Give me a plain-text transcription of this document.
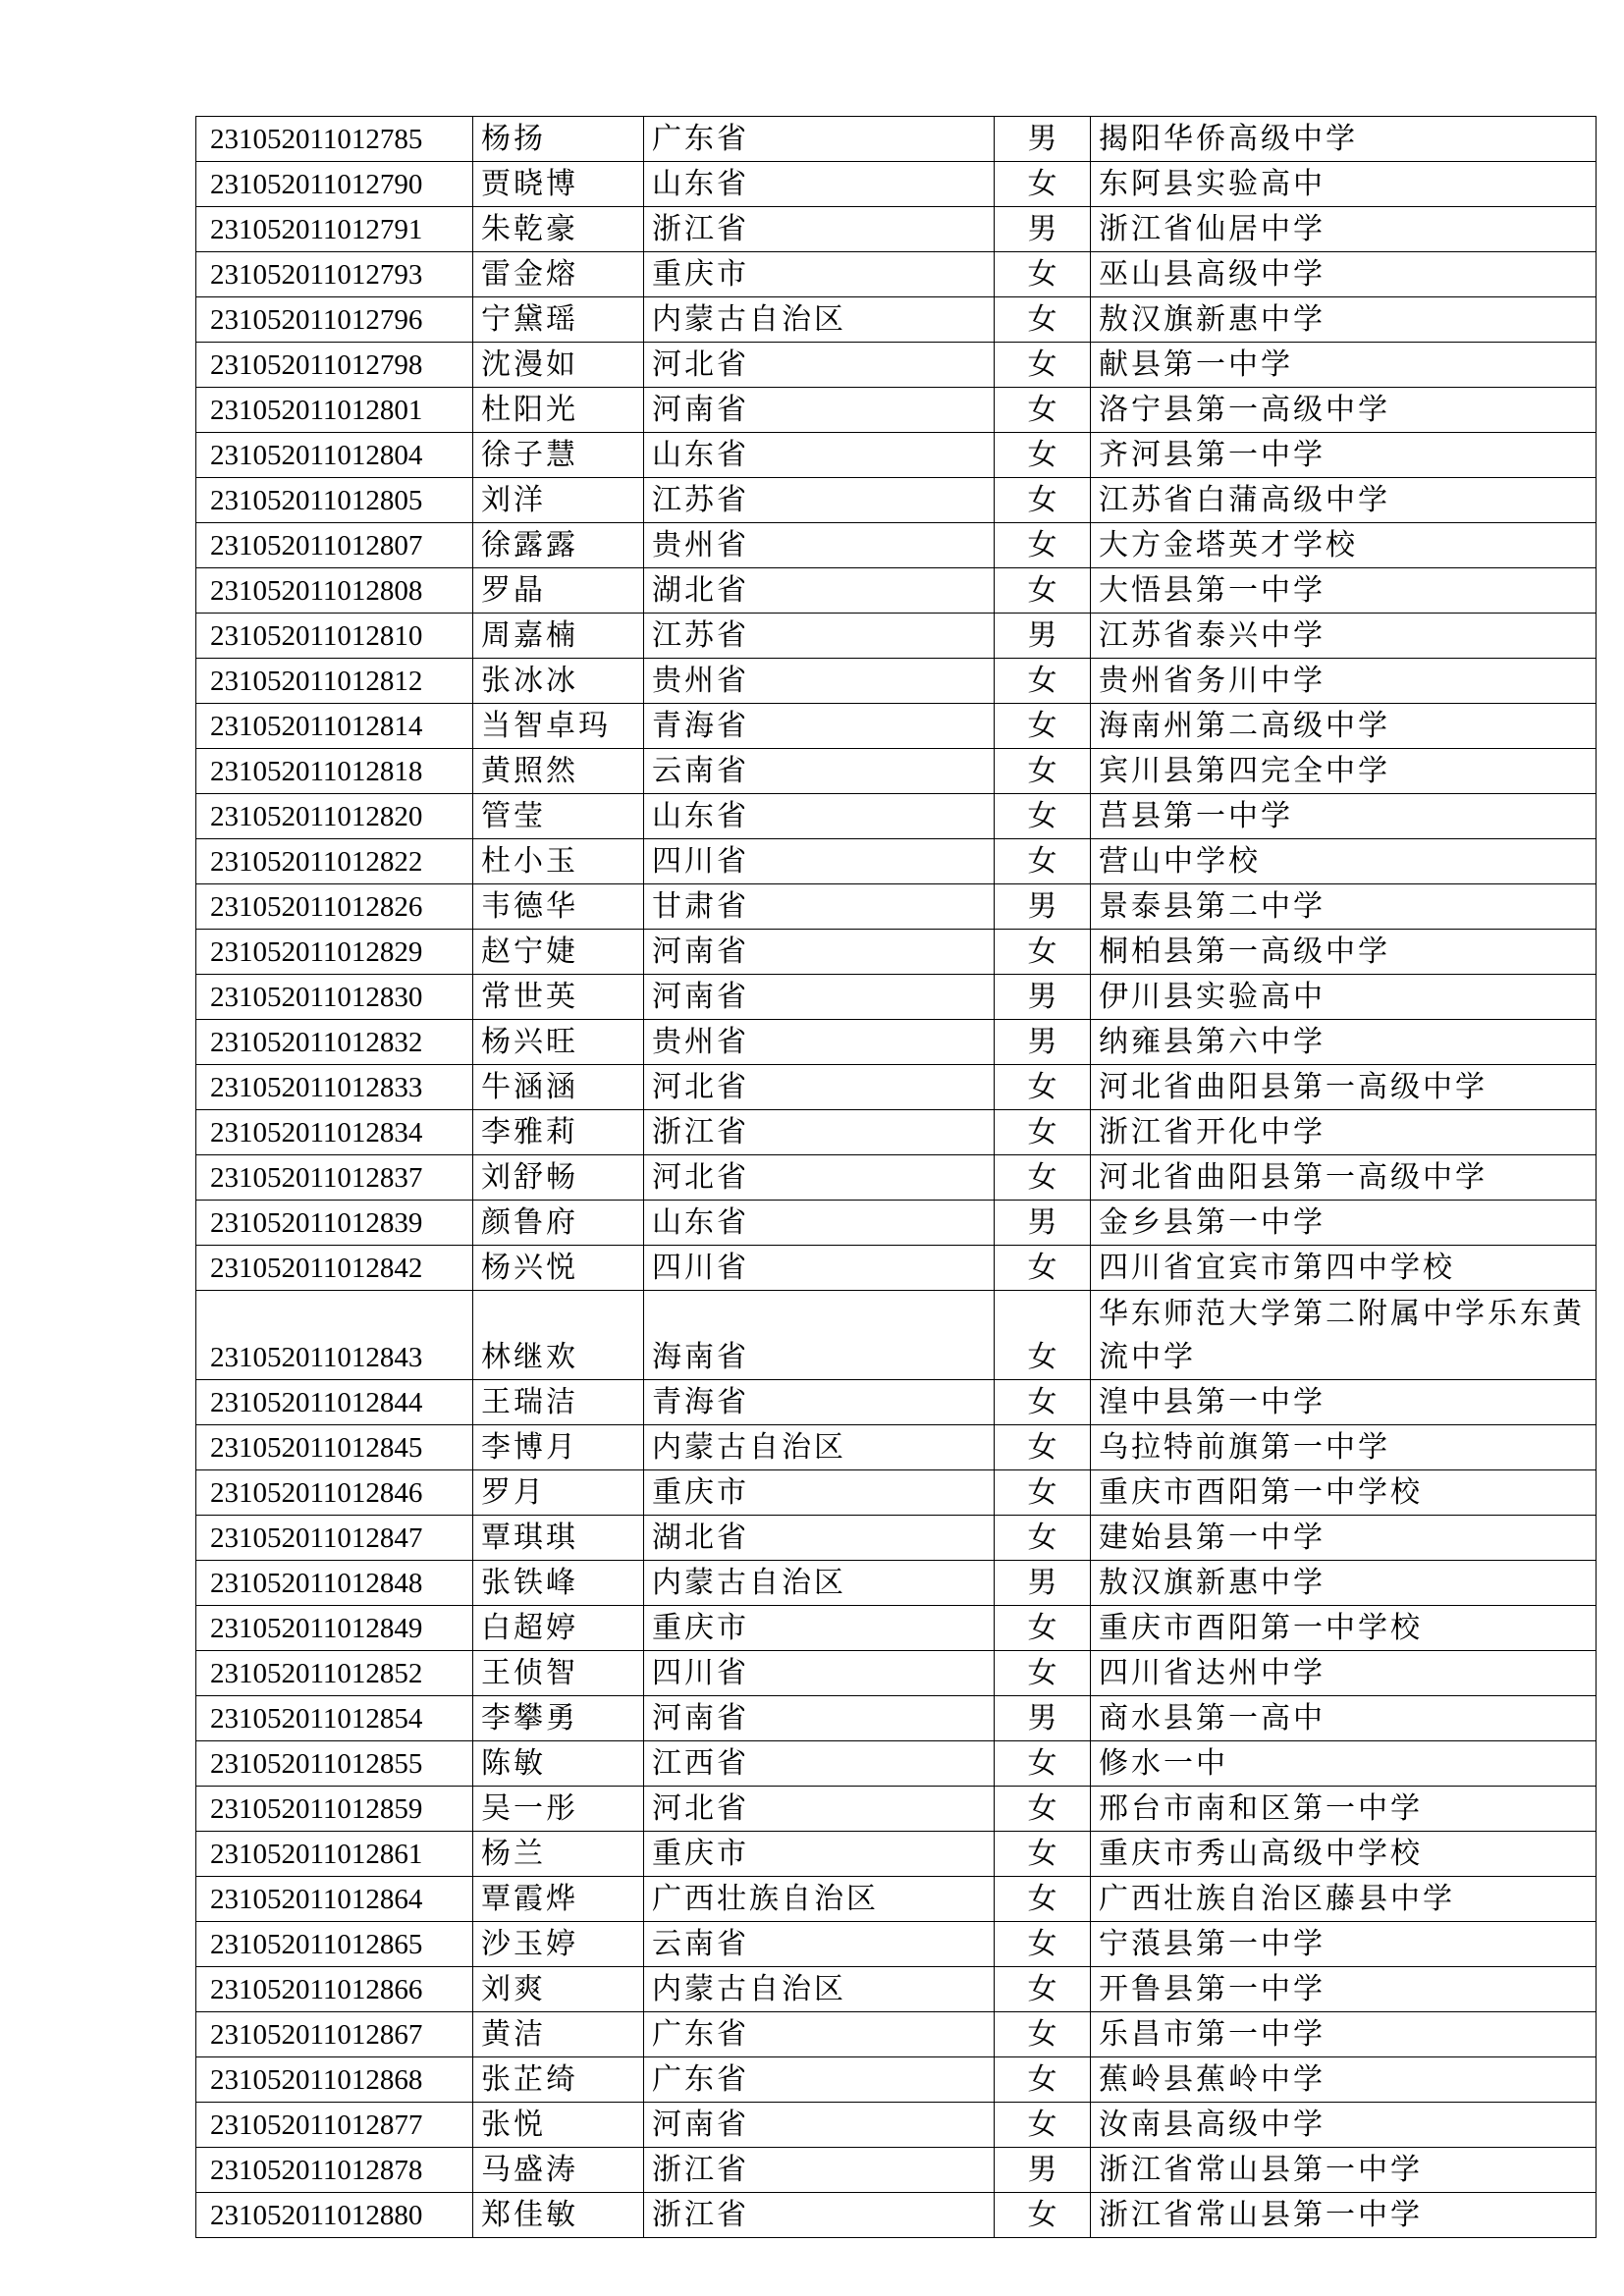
231052011012785	杨扬	广东省	男	揭阳华侨高级中学
231052011012790	贾晓博	山东省	女	东阿县实验高中
231052011012791	朱乾豪	浙江省	男	浙江省仙居中学
231052011012793	雷金熔	重庆市	女	巫山县高级中学
231052011012796	宁黛瑶	内蒙古自治区	女	敖汉旗新惠中学
231052011012798	沈漫如	河北省	女	献县第一中学
231052011012801	杜阳光	河南省	女	洛宁县第一高级中学
231052011012804	徐子慧	山东省	女	齐河县第一中学
231052011012805	刘洋	江苏省	女	江苏省白蒲高级中学
231052011012807	徐露露	贵州省	女	大方金塔英才学校
231052011012808	罗晶	湖北省	女	大悟县第一中学
231052011012810	周嘉楠	江苏省	男	江苏省泰兴中学
231052011012812	张冰冰	贵州省	女	贵州省务川中学
231052011012814	当智卓玛	青海省	女	海南州第二高级中学
231052011012818	黄照然	云南省	女	宾川县第四完全中学
231052011012820	管莹	山东省	女	莒县第一中学
231052011012822	杜小玉	四川省	女	营山中学校
231052011012826	韦德华	甘肃省	男	景泰县第二中学
231052011012829	赵宁婕	河南省	女	桐柏县第一高级中学
231052011012830	常世英	河南省	男	伊川县实验高中
231052011012832	杨兴旺	贵州省	男	纳雍县第六中学
231052011012833	牛涵涵	河北省	女	河北省曲阳县第一高级中学
231052011012834	李雅莉	浙江省	女	浙江省开化中学
231052011012837	刘舒畅	河北省	女	河北省曲阳县第一高级中学
231052011012839	颜鲁府	山东省	男	金乡县第一中学
231052011012842	杨兴悦	四川省	女	四川省宜宾市第四中学校
231052011012843	林继欢	海南省	女	华东师范大学第二附属中学乐东黄流中学
231052011012844	王瑞洁	青海省	女	湟中县第一中学
231052011012845	李博月	内蒙古自治区	女	乌拉特前旗第一中学
231052011012846	罗月	重庆市	女	重庆市酉阳第一中学校
231052011012847	覃琪琪	湖北省	女	建始县第一中学
231052011012848	张铁峰	内蒙古自治区	男	敖汉旗新惠中学
231052011012849	白超婷	重庆市	女	重庆市酉阳第一中学校
231052011012852	王侦智	四川省	女	四川省达州中学
231052011012854	李攀勇	河南省	男	商水县第一高中
231052011012855	陈敏	江西省	女	修水一中
231052011012859	吴一彤	河北省	女	邢台市南和区第一中学
231052011012861	杨兰	重庆市	女	重庆市秀山高级中学校
231052011012864	覃霞烨	广西壮族自治区	女	广西壮族自治区藤县中学
231052011012865	沙玉婷	云南省	女	宁蒗县第一中学
231052011012866	刘爽	内蒙古自治区	女	开鲁县第一中学
231052011012867	黄洁	广东省	女	乐昌市第一中学
231052011012868	张芷绮	广东省	女	蕉岭县蕉岭中学
231052011012877	张悦	河南省	女	汝南县高级中学
231052011012878	马盛涛	浙江省	男	浙江省常山县第一中学
231052011012880	郑佳敏	浙江省	女	浙江省常山县第一中学
